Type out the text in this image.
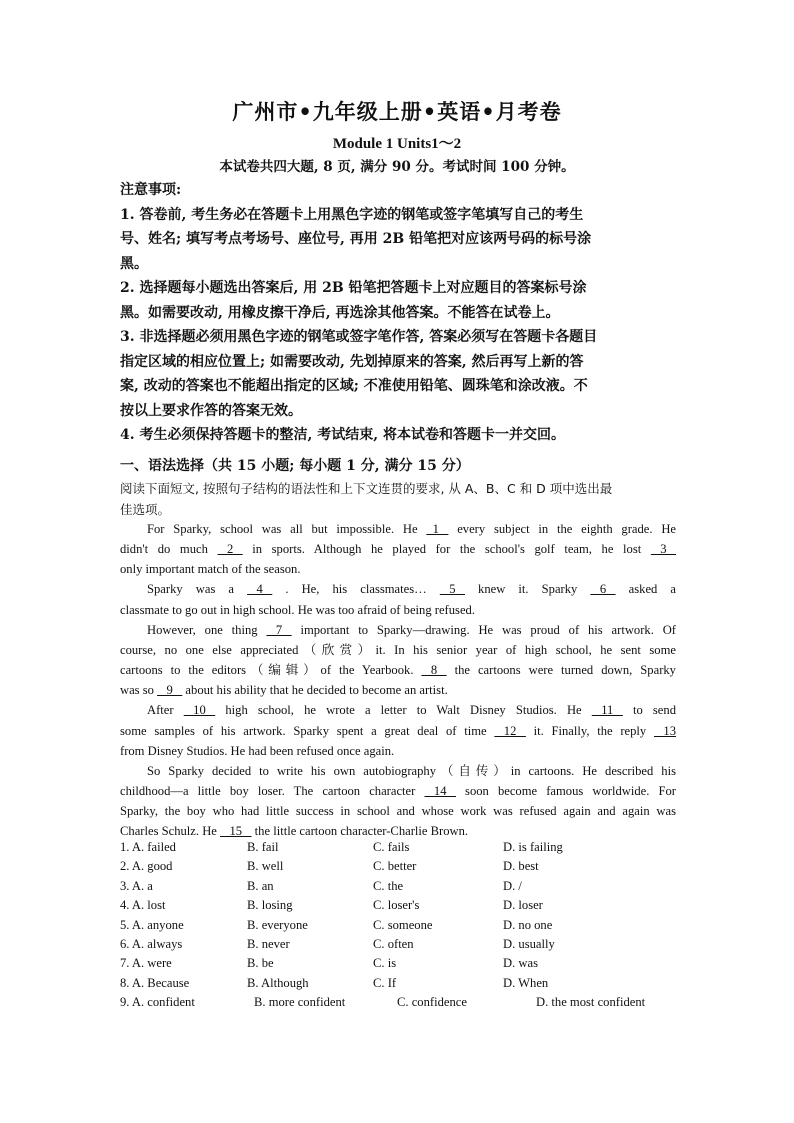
广州市•九年级上册•英语•月考卷
Module 1 Units1～2
本试卷共四大题, 8 页, 满分 90 分。考试时间 100 分钟。

注意事项:

1. 答卷前, 考生务必在答题卡上用黑色字迹的钢笔或签字笔填写自己的考生
号、姓名; 填写考点考场号、座位号, 再用 2B 铅笔把对应该两号码的标号涂
黑。
2. 选择题每小题选出答案后, 用 2B 铅笔把答题卡上对应题目的答案标号涂
黑。如需要改动, 用橡皮擦干净后, 再选涂其他答案。不能答在试卷上。
3. 非选择题必须用黑色字迹的钢笔或签字笔作答, 答案必须写在答题卡各题目
指定区域的相应位置上; 如需要改动, 先划掉原来的答案, 然后再写上新的答
案, 改动的答案也不能超出指定的区域; 不准使用铅笔、圆珠笔和涂改液。不
按以上要求作答的答案无效。
4. 考生必须保持答题卡的整洁, 考试结束, 将本试卷和答题卡一并交回。
一、语法选择（共 15 小题; 每小题 1 分, 满分 15 分）
阅读下面短文, 按照句子结构的语法性和上下文连贯的要求, 从 A、B、C 和 D 项中选出最
佳选项。
For Sparky, school was all but impossible. He   1    every subject in the eighth grade. He
didn't do much    2    in sports. Although he played for the school's golf team, he lost    3
only important match of the season.
Sparky was a    4    . He, his classmates…    5    knew it. Sparky    6    asked a
classmate to go out in high school. He was too afraid of being refused.
However, one thing    7    important to Sparky—drawing. He was proud of his artwork. Of
course, no one else appreciated（欣赏）it. In his senior year of high school, he sent some
cartoons to the editors（编辑）of the Yearbook.    8    the cartoons were turned down, Sparky
was so    9    about his ability that he decided to become an artist.
After    10    high school, he wrote a letter to Walt Disney Studios. He    11    to send
some samples of his artwork. Sparky spent a great deal of time    12    it. Finally, the reply    13
from Disney Studios. He had been refused once again.
So Sparky decided to write his own autobiography（自传）in cartoons. He described his
childhood—a little boy loser. The cartoon character    14    soon become famous worldwide. For
Sparky, the boy who had little success in school and whose work was refused again and again was
Charles Schulz. He    15    the little cartoon character-Charlie Brown.
1. A. failed	B. fail	C. fails	D. is failing
2. A. good	B. well	C. better	D. best
3. A. a	B. an	C. the	D. /
4. A. lost	B. losing	C. loser's	D. loser
5. A. anyone	B. everyone	C. someone	D. no one
6. A. always	B. never	C. often	D. usually
7. A. were	B. be	C. is	D. was
8. A. Because	B. Although	C. If	D. When
9. A. confident	B. more confident	C. confidence	D. the most confident
